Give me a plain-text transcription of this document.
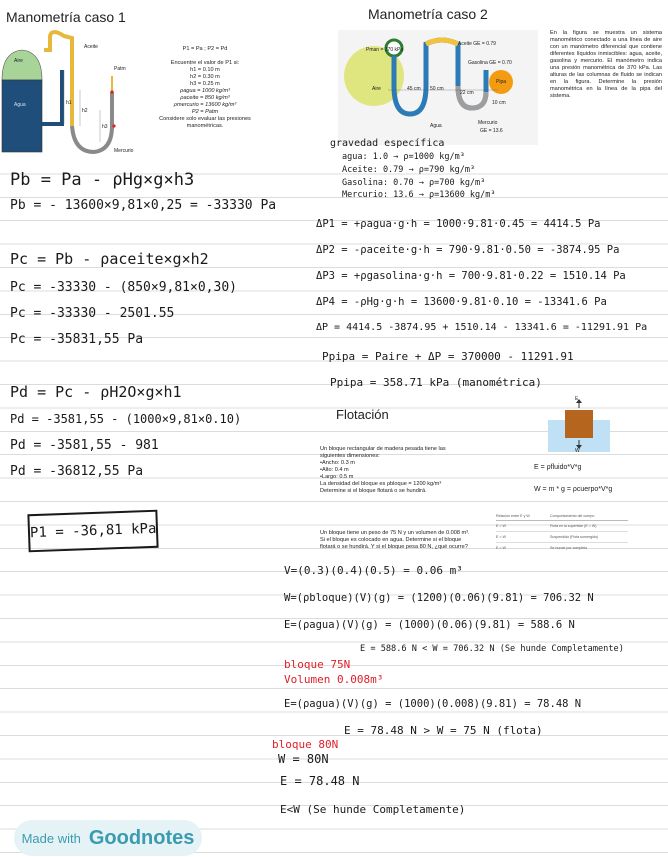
Manometría caso 1
Aire
Agua
Aceite
Mercurio
h1
h2
h3
Patm
P1 = Pa ; P2 = Pd
Encuentre el valor de P1 si:
h1 = 0.10 m
h2 = 0.30 m
h3 = 0.25 m
ρagua = 1000 kg/m³
ρaceite = 850 kg/m³
ρmercurio = 13600 kg/m³
P2 = Patm
Considere solo evaluar las presiones manométricas.
Manometría caso 2
Pman = 370 kPa
Aceite GE = 0.79
Gasolina GE = 0.70
Aire	45 cm 50 cm
22 cm
10 cm
Pipa
Agua	Mercurio
GE = 13.6
En la figura se muestra un sistema manométrico conectado a una línea de aire con un manómetro diferencial que contiene diferentes líquidos inmiscibles: agua, aceite, gasolina y mercurio. El manómetro indica una presión manométrica de 370 kPa. Las alturas de las columnas de fluido se indican en la figura. Determine la presión manométrica en la línea de la pipa del sistema.
Pb = Pa - ρHg×g×h3
Pb = - 13600×9,81×0,25 = -33330 Pa
Pc = Pb - ρaceite×g×h2
Pc = -33330 - (850×9,81×0,30)
Pc = -33330 - 2501.55
Pc = -35831,55 Pa
Pd = Pc - ρH2O×g×h1
Pd = -3581,55 - (1000×9,81×0.10)
Pd = -3581,55 - 981
Pd = -36812,55 Pa
P1 = -36,81 kPa
gravedad específica
agua: 1.0 → ρ=1000 kg/m³
Aceite: 0.79 → ρ=790 kg/m³
Gasolina: 0.70 → ρ=700 kg/m³
Mercurio: 13.6 → ρ=13600 kg/m³
ΔP1 = +ρagua·g·h = 1000·9.81·0.45 = 4414.5 Pa
ΔP2 = -ρaceite·g·h = 790·9.81·0.50 = -3874.95 Pa
ΔP3 = +ρgasolina·g·h = 700·9.81·0.22 = 1510.14 Pa
ΔP4 = -ρHg·g·h = 13600·9.81·0.10 = -13341.6 Pa
ΔP = 4414.5 -3874.95 + 1510.14 - 13341.6 = -11291.91 Pa
Ppipa = Paire + ΔP = 370000 - 11291.91
Ppipa = 358.71 kPa (manométrica)
Flotación
E
W
Un bloque rectangular de madera pesada tiene las siguientes dimensiones:
•Ancho: 0.3 m
•Alto: 0.4 m
•Largo: 0.5 m
La densidad del bloque es ρbloque = 1200 kg/m³
Determine si el bloque flotará o se hundirá.
E = ρfluido*V*g
W = m * g = ρcuerpo*V*g
Un bloque tiene un peso de 75 N y un volumen de 0.008 m³. Si el bloque es colocado en agua. Determine si el bloque flotará o se hundirá. Y si el bloque pesa 80 N, ¿qué ocurre?
Relación entre E y W	Comportamiento del cuerpo
E > W	Flota en la superficie (E = W)
E = W	Suspendido (Flota sumergido)
E < W	Se hunde por completo
V=(0.3)(0.4)(0.5) = 0.06 m³
W=(ρbloque)(V)(g) = (1200)(0.06)(9.81) = 706.32 N
E=(ρagua)(V)(g) = (1000)(0.06)(9.81) = 588.6 N
E = 588.6 N < W = 706.32 N (Se hunde Completamente)
bloque 75N
Volumen 0.008m³
E=(ρagua)(V)(g) = (1000)(0.008)(9.81) = 78.48 N
E = 78.48 N > W = 75 N (flota)
bloque 80N
W = 80N
E = 78.48 N
E<W (Se hunde Completamente)
Made with Goodnotes
